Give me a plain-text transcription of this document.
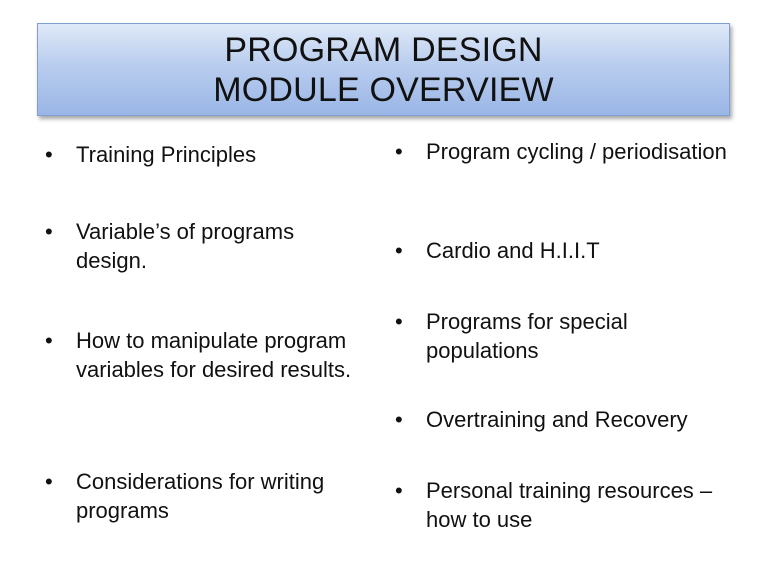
PROGRAM DESIGN
MODULE OVERVIEW
• Training Principles
• Variable’s of programs design.
• How to manipulate program variables for desired results.
• Considerations for writing programs
• Program cycling / periodisation
• Cardio and H.I.I.T
• Programs for special populations
• Overtraining and Recovery
• Personal training resources – how to use
